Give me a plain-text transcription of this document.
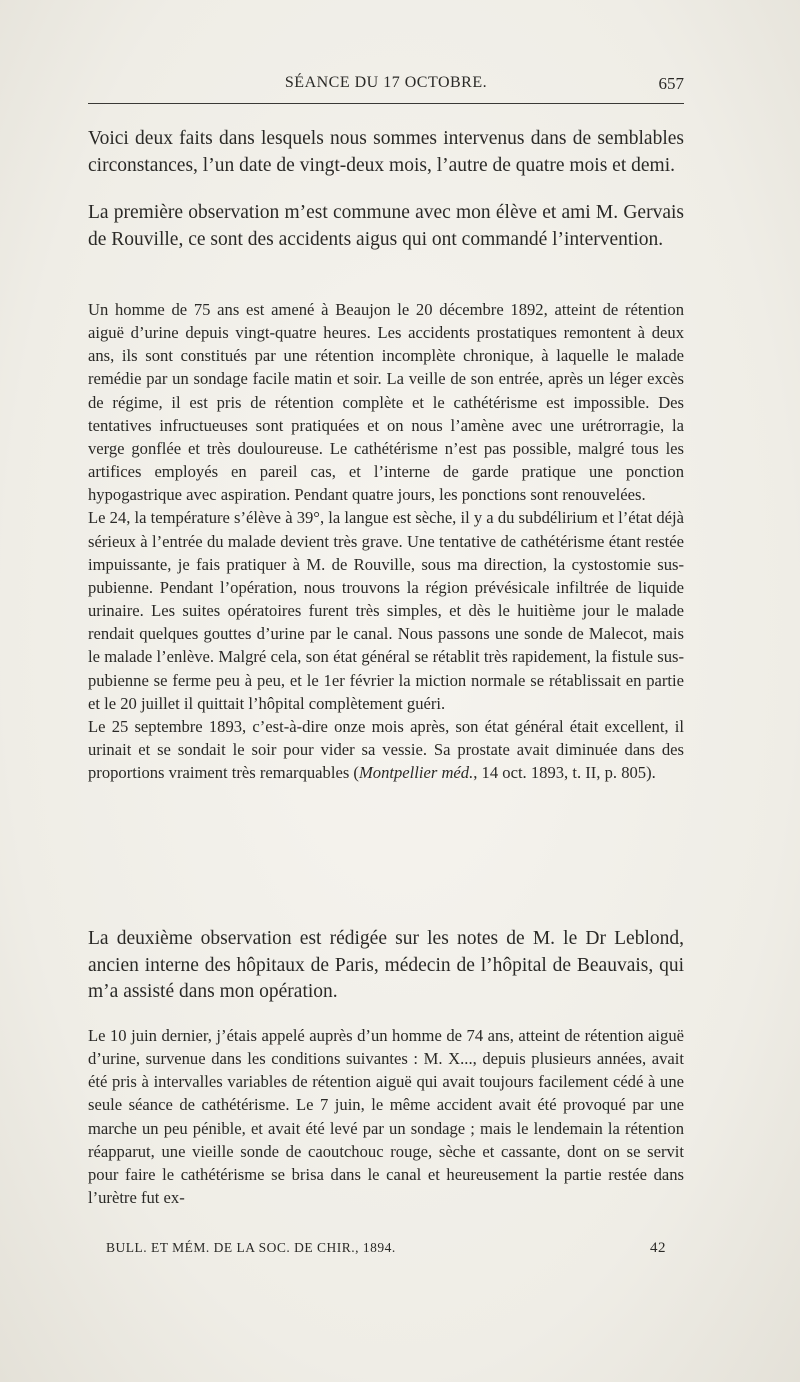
SÉANCE DU 17 OCTOBRE.	657

Voici deux faits dans lesquels nous sommes intervenus dans de semblables circonstances, l’un date de vingt-deux mois, l’autre de quatre mois et demi.

La première observation m’est commune avec mon élève et ami M. Gervais de Rouville, ce sont des accidents aigus qui ont commandé l’intervention.

Un homme de 75 ans est amené à Beaujon le 20 décembre 1892, atteint de rétention aiguë d’urine depuis vingt-quatre heures. Les accidents prostatiques remontent à deux ans, ils sont constitués par une rétention incomplète chronique, à laquelle le malade remédie par un sondage facile matin et soir. La veille de son entrée, après un léger excès de régime, il est pris de rétention complète et le cathétérisme est impossible. Des tentatives infructueuses sont pratiquées et on nous l’amène avec une urétrorragie, la verge gonflée et très douloureuse. Le cathétérisme n’est pas possible, malgré tous les artifices employés en pareil cas, et l’interne de garde pratique une ponction hypogastrique avec aspiration. Pendant quatre jours, les ponctions sont renouvelées.

Le 24, la température s’élève à 39°, la langue est sèche, il y a du subdélirium et l’état déjà sérieux à l’entrée du malade devient très grave. Une tentative de cathétérisme étant restée impuissante, je fais pratiquer à M. de Rouville, sous ma direction, la cystostomie sus-pubienne. Pendant l’opération, nous trouvons la région prévésicale infiltrée de liquide urinaire. Les suites opératoires furent très simples, et dès le huitième jour le malade rendait quelques gouttes d’urine par le canal. Nous passons une sonde de Malecot, mais le malade l’enlève. Malgré cela, son état général se rétablit très rapidement, la fistule sus-pubienne se ferme peu à peu, et le 1er février la miction normale se rétablissait en partie et le 20 juillet il quittait l’hôpital complètement guéri.

Le 25 septembre 1893, c’est-à-dire onze mois après, son état général était excellent, il urinait et se sondait le soir pour vider sa vessie. Sa prostate avait diminuée dans des proportions vraiment très remarquables (Montpellier méd., 14 oct. 1893, t. II, p. 805).

La deuxième observation est rédigée sur les notes de M. le Dr Leblond, ancien interne des hôpitaux de Paris, médecin de l’hôpital de Beauvais, qui m’a assisté dans mon opération.

Le 10 juin dernier, j’étais appelé auprès d’un homme de 74 ans, atteint de rétention aiguë d’urine, survenue dans les conditions suivantes : M. X..., depuis plusieurs années, avait été pris à intervalles variables de rétention aiguë qui avait toujours facilement cédé à une seule séance de cathétérisme. Le 7 juin, le même accident avait été provoqué par une marche un peu pénible, et avait été levé par un sondage ; mais le lendemain la rétention réapparut, une vieille sonde de caoutchouc rouge, sèche et cassante, dont on se servit pour faire le cathétérisme se brisa dans le canal et heureusement la partie restée dans l’urètre fut ex-

BULL. ET MÉM. DE LA SOC. DE CHIR., 1894.	42
